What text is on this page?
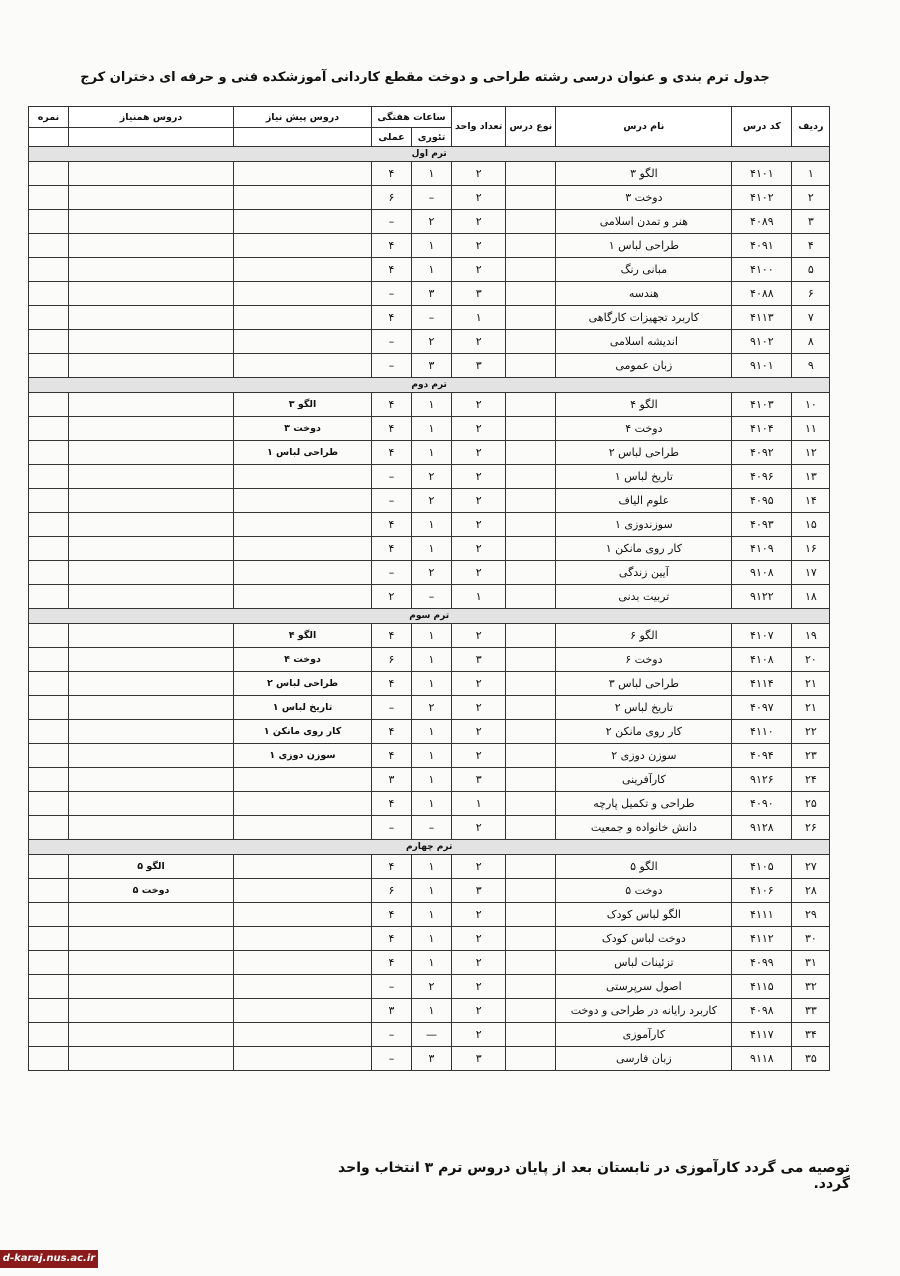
جدول ترم بندی و عنوان درسی رشته طراحی و دوخت مقطع کاردانی آموزشکده فنی و حرفه ای دختران کرج
ردیف	کد درس	نام درس	نوع درس	تعداد واحد	ساعات هفتگی		دروس پیش نیاز	دروس همنیاز	نمره
					تئوری	عملی			
ترم اول									
۱	۴۱۰۱	الگو ۳		۲	۱	۴			
۲	۴۱۰۲	دوخت ۳		۲	–	۶			
۳	۴۰۸۹	هنر و تمدن اسلامی		۲	۲	–			
۴	۴۰۹۱	طراحی لباس ۱		۲	۱	۴			
۵	۴۱۰۰	مبانی رنگ		۲	۱	۴			
۶	۴۰۸۸	هندسه		۳	۳	–			
۷	۴۱۱۳	کاربرد تجهیزات کارگاهی		۱	–	۴			
۸	۹۱۰۲	اندیشه اسلامی		۲	۲	–			
۹	۹۱۰۱	زبان عمومی		۳	۳	–			
ترم دوم									
۱۰	۴۱۰۳	الگو ۴		۲	۱	۴	الگو ۳		
۱۱	۴۱۰۴	دوخت ۴		۲	۱	۴	دوخت ۳		
۱۲	۴۰۹۲	طراحی لباس ۲		۲	۱	۴	طراحی لباس ۱		
۱۳	۴۰۹۶	تاریخ لباس ۱		۲	۲	–			
۱۴	۴۰۹۵	علوم الیاف		۲	۲	–			
۱۵	۴۰۹۳	سوزندوزی ۱		۲	۱	۴			
۱۶	۴۱۰۹	کار روی مانکن ۱		۲	۱	۴			
۱۷	۹۱۰۸	آیین زندگی		۲	۲	–			
۱۸	۹۱۲۲	تربیت بدنی		۱	–	۲			
ترم سوم									
۱۹	۴۱۰۷	الگو ۶		۲	۱	۴	الگو ۴		
۲۰	۴۱۰۸	دوخت ۶		۳	۱	۶	دوخت ۴		
۲۱	۴۱۱۴	طراحی لباس ۳		۲	۱	۴	طراحی لباس ۲		
۲۱	۴۰۹۷	تاریخ لباس ۲		۲	۲	–	تاریخ لباس ۱		
۲۲	۴۱۱۰	کار روی مانکن ۲		۲	۱	۴	کار روی مانکن ۱		
۲۳	۴۰۹۴	سوزن دوزی ۲		۲	۱	۴	سوزن دوزی ۱		
۲۴	۹۱۲۶	کارآفرینی		۳	۱	۳			
۲۵	۴۰۹۰	طراحی و تکمیل پارچه		۱	۱	۴			
۲۶	۹۱۲۸	دانش خانواده و جمعیت		۲	–	–			
ترم چهارم									
۲۷	۴۱۰۵	الگو ۵		۲	۱	۴		الگو ۵	
۲۸	۴۱۰۶	دوخت ۵		۳	۱	۶		دوخت ۵	
۲۹	۴۱۱۱	الگو لباس کودک		۲	۱	۴			
۳۰	۴۱۱۲	دوخت لباس کودک		۲	۱	۴			
۳۱	۴۰۹۹	تزئینات لباس		۲	۱	۴			
۳۲	۴۱۱۵	اصول سرپرستی		۲	۲	–			
۳۳	۴۰۹۸	کاربرد رایانه در طراحی و دوخت		۲	۱	۳			
۳۴	۴۱۱۷	کارآموزی		۲	—	–			
۳۵	۹۱۱۸	زبان فارسی		۳	۳	–			
توصیه می گردد کارآموزی در تابستان بعد از پایان دروس ترم ۳ انتخاب واحد گردد.
d-karaj.nus.ac.ir
